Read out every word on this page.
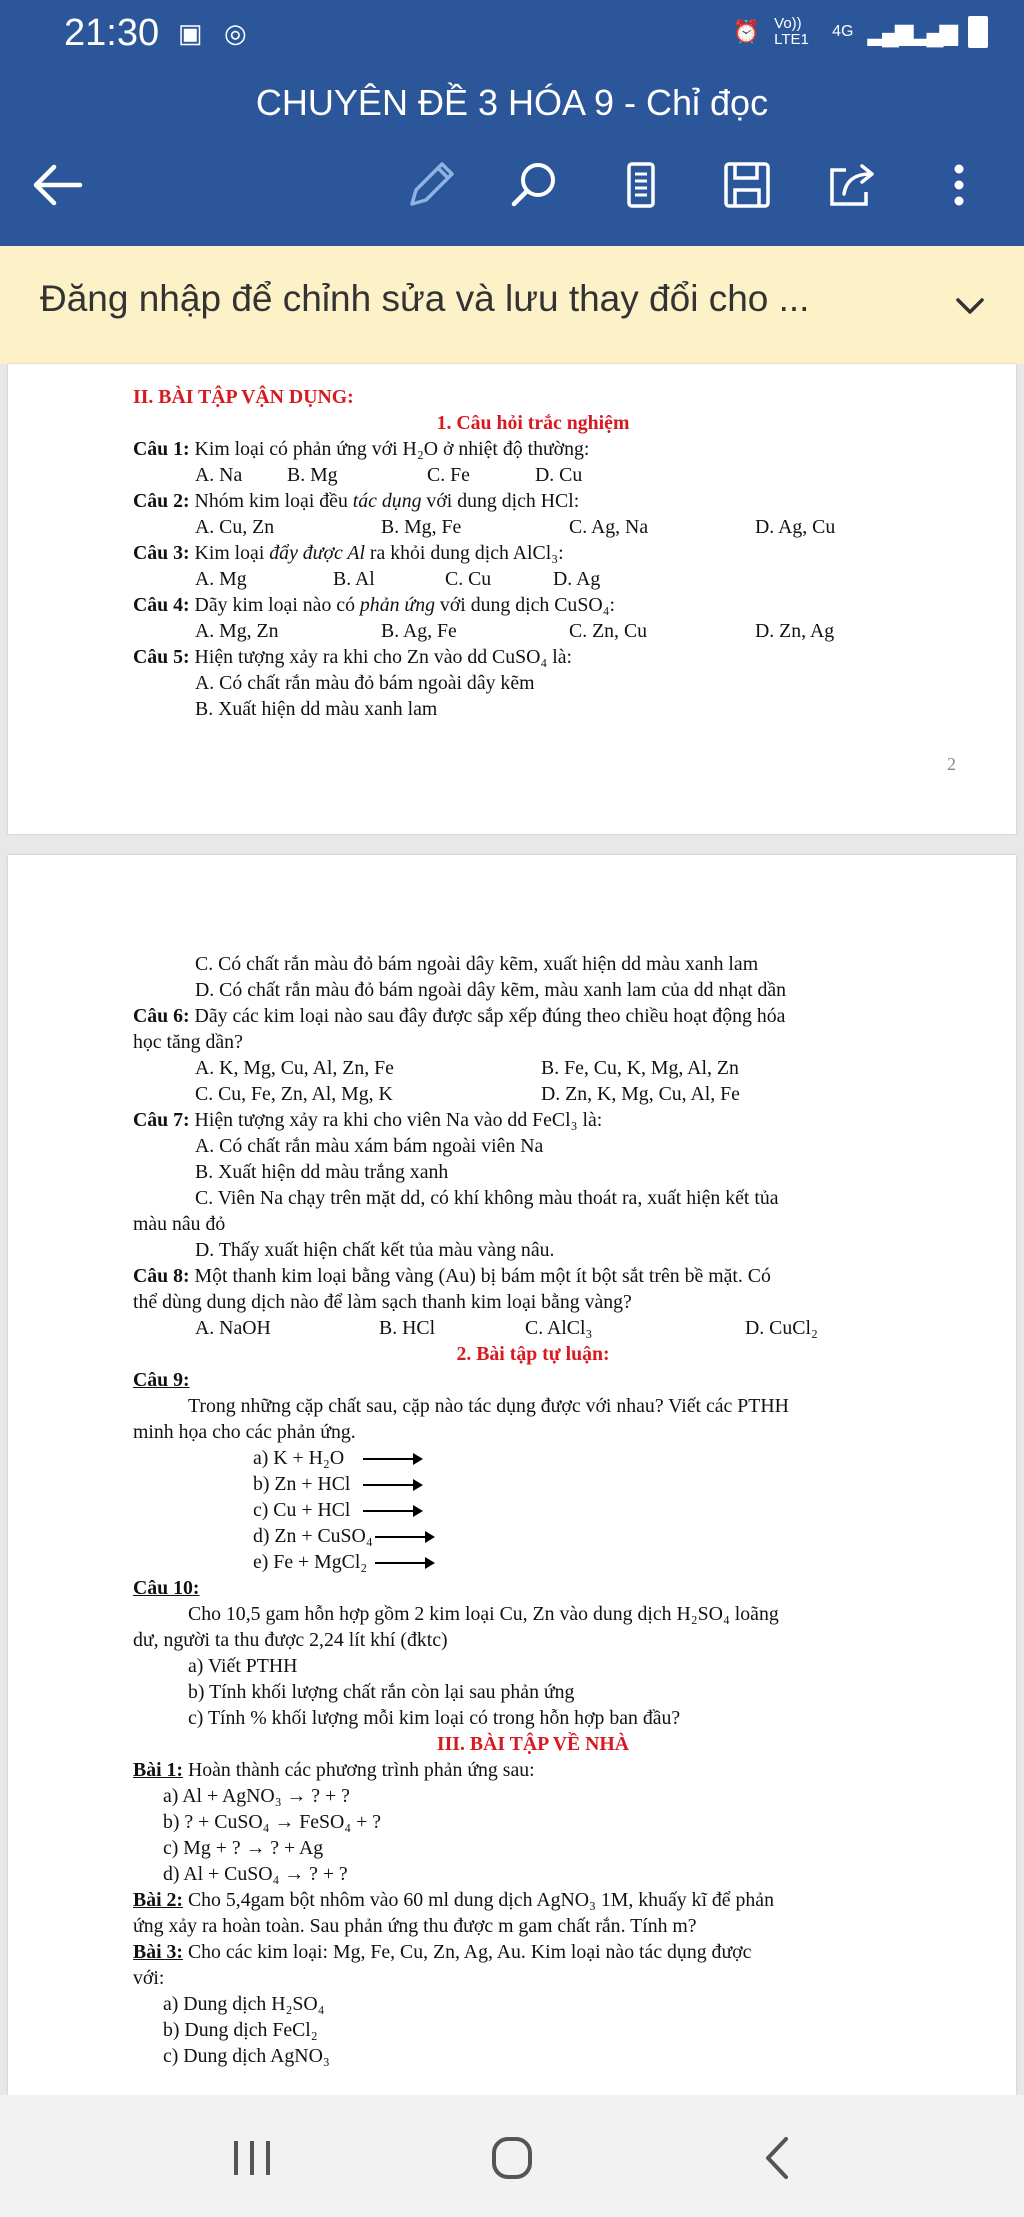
21:30 ▣ ◎	⏰ Vo)) LTE1	4G ▂▄▆ ▂▄▆
CHUYÊN ĐỀ 3 HÓA 9 - Chỉ đọc
Đăng nhập để chỉnh sửa và lưu thay đổi cho ...
II. BÀI TẬP VẬN DỤNG:
1. Câu hỏi trắc nghiệm
Câu 1: Kim loại có phản ứng với H₂O ở nhiệt độ thường:
A. Na B. Mg	C. Fe	D. Cu
Câu 2: Nhóm kim loại đều tác dụng với dung dịch HCl:
A. Cu, Zn	B. Mg, Fe	C. Ag, Na	D. Ag, Cu
Câu 3: Kim loại đẩy được Al ra khỏi dung dịch AlCl₃:
A. Mg	B. Al	C. Cu	D. Ag
Câu 4: Dãy kim loại nào có phản ứng với dung dịch CuSO₄:
A. Mg, Zn	B. Ag, Fe	C. Zn, Cu	D. Zn, Ag
Câu 5: Hiện tượng xảy ra khi cho Zn vào dd CuSO₄ là:
A. Có chất rắn màu đỏ bám ngoài dây kẽm
B. Xuất hiện dd màu xanh lam
2
C. Có chất rắn màu đỏ bám ngoài dây kẽm, xuất hiện dd màu xanh lam
D. Có chất rắn màu đỏ bám ngoài dây kẽm, màu xanh lam của dd nhạt dần
Câu 6: Dãy các kim loại nào sau đây được sắp xếp đúng theo chiều hoạt động hóa
học tăng dần?
A. K, Mg, Cu, Al, Zn, Fe	B. Fe, Cu, K, Mg, Al, Zn
C. Cu, Fe, Zn, Al, Mg, K	D. Zn, K, Mg, Cu, Al, Fe
Câu 7: Hiện tượng xảy ra khi cho viên Na vào dd FeCl₃ là:
A. Có chất rắn màu xám bám ngoài viên Na
B. Xuất hiện dd màu trắng xanh
C. Viên Na chạy trên mặt dd, có khí không màu thoát ra, xuất hiện kết tủa
màu nâu đỏ
D. Thấy xuất hiện chất kết tủa màu vàng nâu.
Câu 8: Một thanh kim loại bằng vàng (Au) bị bám một ít bột sắt trên bề mặt. Có
thể dùng dung dịch nào để làm sạch thanh kim loại bằng vàng?
A. NaOH	B. HCl	C. AlCl₃	D. CuCl₂
2. Bài tập tự luận:
Câu 9:
Trong những cặp chất sau, cặp nào tác dụng được với nhau? Viết các PTHH
minh họa cho các phản ứng.
a) K + H₂O
b) Zn + HCl
c) Cu + HCl
d) Zn + CuSO₄
e) Fe + MgCl₂
Câu 10:
Cho 10,5 gam hỗn hợp gồm 2 kim loại Cu, Zn vào dung dịch H₂SO₄ loãng
dư, người ta thu được 2,24 lít khí (đktc)
a) Viết PTHH
b) Tính khối lượng chất rắn còn lại sau phản ứng
c) Tính % khối lượng mỗi kim loại có trong hỗn hợp ban đầu?
III. BÀI TẬP VỀ NHÀ
Bài 1: Hoàn thành các phương trình phản ứng sau:
a) Al + AgNO₃ → ? + ?
b) ? + CuSO₄ → FeSO₄ + ?
c) Mg + ? → ? + Ag
d) Al + CuSO₄ → ? + ?
Bài 2: Cho 5,4gam bột nhôm vào 60 ml dung dịch AgNO₃ 1M, khuấy kĩ để phản
ứng xảy ra hoàn toàn. Sau phản ứng thu được m gam chất rắn. Tính m?
Bài 3: Cho các kim loại: Mg, Fe, Cu, Zn, Ag, Au. Kim loại nào tác dụng được
với:
a) Dung dịch H₂SO₄
b) Dung dịch FeCl₂
c) Dung dịch AgNO₃
